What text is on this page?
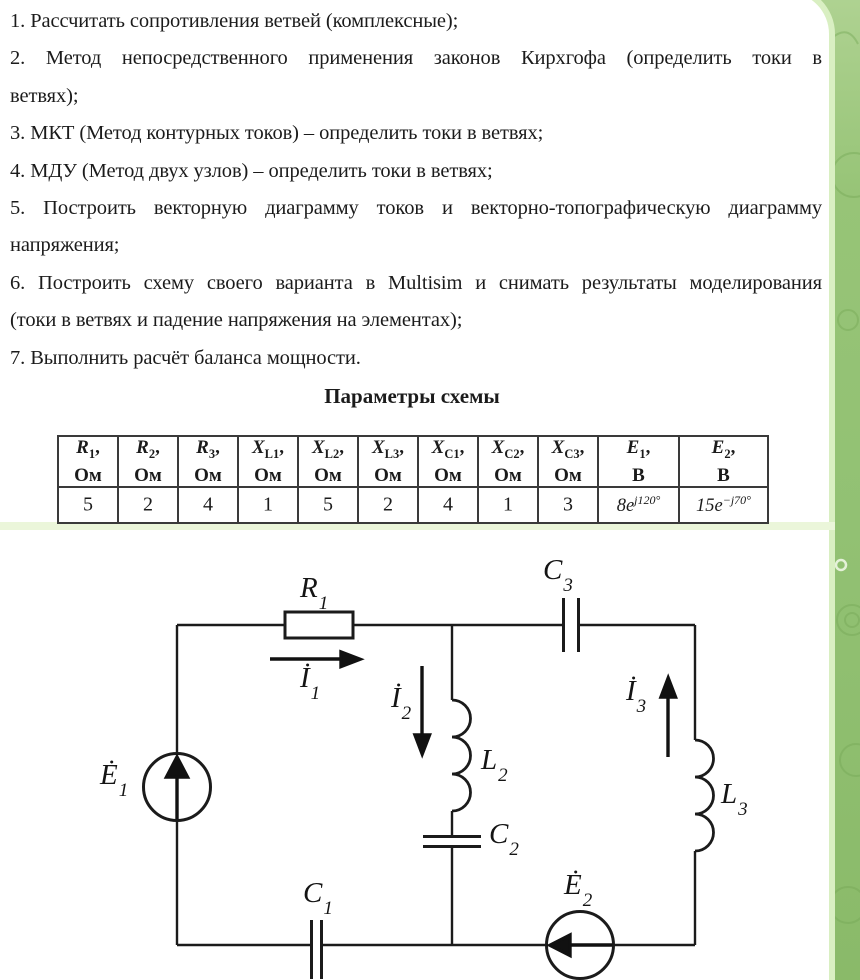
1. Рассчитать сопротивления ветвей (комплексные);
2. Метод непосредственного применения законов Кирхгофа (определить токи в
ветвях);
3. МКТ (Метод контурных токов) – определить токи в ветвях;
4. МДУ (Метод двух узлов) – определить токи в ветвях;
5. Построить векторную диаграмму токов и векторно-топографическую диаграмму
напряжения;
6. Построить схему своего варианта в Multisim и снимать результаты моделирования
(токи в ветвях и падение напряжения на элементах);
7. Выполнить расчёт баланса мощности.
Параметры схемы
$R_1$,
Ом	$R_2$,
Ом	$R_3$,
Ом	$X_{L1}$,
Ом	$X_{L2}$,
Ом	$X_{L3}$,
Ом	$X_{C1}$,
Ом	$X_{C2}$,
Ом	$X_{C3}$,
Ом	$E_1$,
В	$E_2$,
В
5	2	4	1	5	2	4	1	3	$8e^{j120^\circ}$	$15e^{-j70^\circ}$
$R_1$
$C_3$
$İ_1$ $İ_2$
$İ_3$
$L_2$
$L_3$
$C_2$
$C_1$
$Ė_1$
$Ė_2$
